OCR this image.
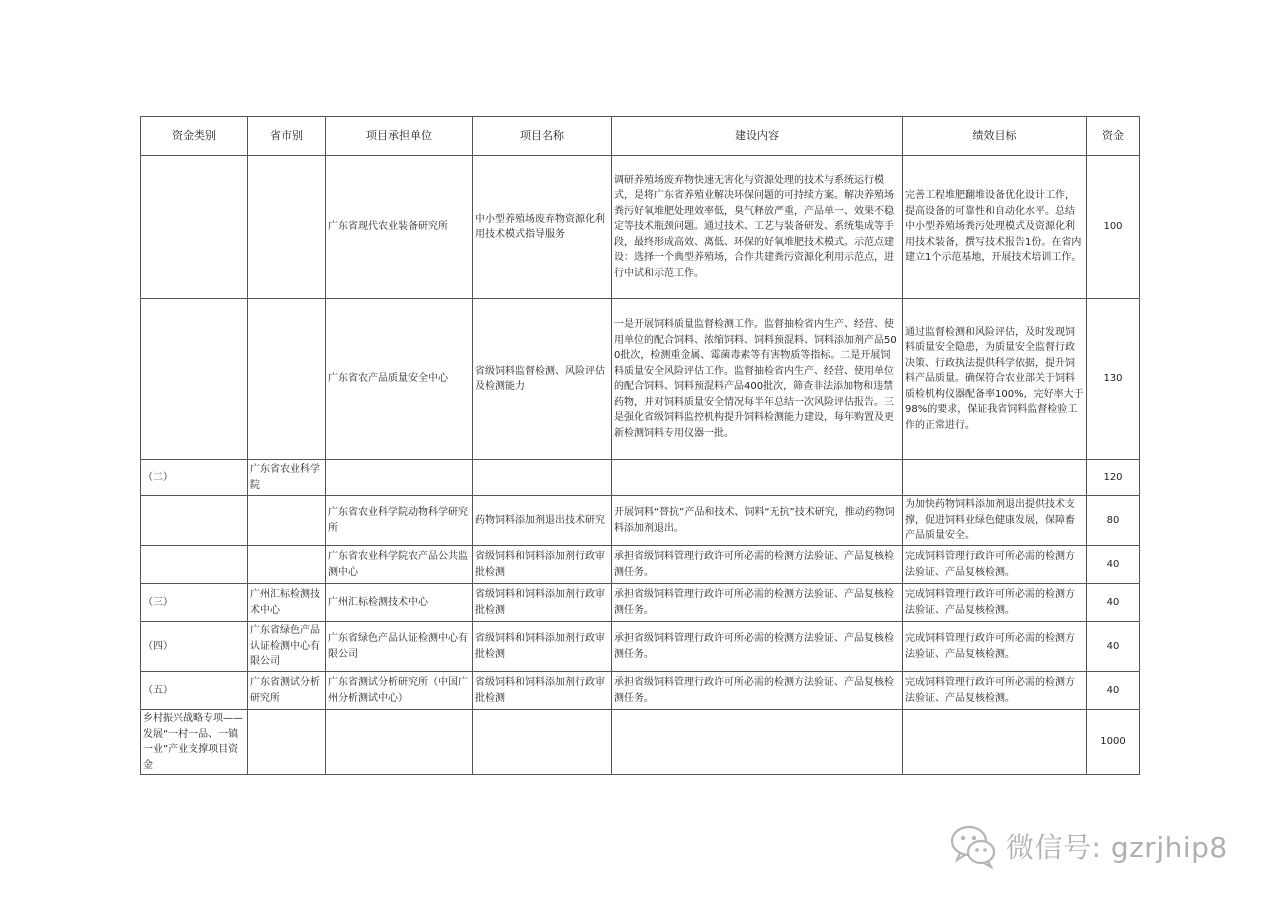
资金类别	省市别	项目承担单位	项目名称	建设内容	绩效目标	资金
		广东省现代农业装备研究所	中小型养殖场废弃物资源化利用技术模式指导服务	调研养殖场废弃物快速无害化与资源处理的技术与系统运行模式，是将广东省养殖业解决环保问题的可持续方案。解决养殖场粪污好氧堆肥处理效率低，臭气释放严重，产品单一、效果不稳定等技术瓶颈问题。通过技术、工艺与装备研发、系统集成等手段，最终形成高效、离低、环保的好氧堆肥技术模式。示范点建设：选择一个典型养殖场，合作共建粪污资源化利用示范点，进行中试和示范工作。	完善工程堆肥翻堆设备优化设计工作，提高设备的可靠性和自动化水平。总结中小型养殖场粪污处理模式及资源化利用技术装备，撰写技术报告1份。在省内建立1个示范基地，开展技术培训工作。	100
		广东省农产品质量安全中心	省级饲料监督检测、风险评估及检测能力	一是开展饲料质量监督检测工作。监督抽检省内生产、经营、使用单位的配合饲料、浓缩饲料、饲料预混料、饲料添加剂产品500批次，检测重金属、霉菌毒素等有害物质等指标。二是开展饲料质量安全风险评估工作。监督抽检省内生产、经营、使用单位的配合饲料、饲料预混料产品400批次，筛查非法添加物和违禁药物，并对饲料质量安全情况每半年总结一次风险评估报告。三是强化省级饲料监控机构提升饲料检测能力建设，每年购置及更新检测饲料专用仪器一批。	通过监督检测和风险评估，及时发现饲料质量安全隐患，为质量安全监督行政决策、行政执法提供科学依据，提升饲料产品质量。确保符合农业部关于饲料质检机构仪器配备率100%，完好率大于98%的要求，保证我省饲料监督检验工作的正常进行。	130
（二）	广东省农业科学院					120
		广东省农业科学院动物科学研究所	药物饲料添加剂退出技术研究	开展饲料“替抗”产品和技术、饲料“无抗”技术研究，推动药物饲料添加剂退出。	为加快药物饲料添加剂退出提供技术支撑，促进饲料业绿色健康发展，保障畜产品质量安全。	80
		广东省农业科学院农产品公共监测中心	省级饲料和饲料添加剂行政审批检测	承担省级饲料管理行政许可所必需的检测方法验证、产品复核检测任务。	完成饲料管理行政许可所必需的检测方法验证、产品复核检测。	40
（三）	广州汇标检测技术中心	广州汇标检测技术中心	省级饲料和饲料添加剂行政审批检测	承担省级饲料管理行政许可所必需的检测方法验证、产品复核检测任务。	完成饲料管理行政许可所必需的检测方法验证、产品复核检测。	40
（四）	广东省绿色产品认证检测中心有限公司	广东省绿色产品认证检测中心有限公司	省级饲料和饲料添加剂行政审批检测	承担省级饲料管理行政许可所必需的检测方法验证、产品复核检测任务。	完成饲料管理行政许可所必需的检测方法验证、产品复核检测。	40
（五）	广东省测试分析研究所	广东省测试分析研究所（中国广州分析测试中心）	省级饲料和饲料添加剂行政审批检测	承担省级饲料管理行政许可所必需的检测方法验证、产品复核检测任务。	完成饲料管理行政许可所必需的检测方法验证、产品复核检测。	40
乡村振兴战略专项——发展“一村一品、一镇一业”产业支撑项目资金						1000
微信号: gzrjhip8
